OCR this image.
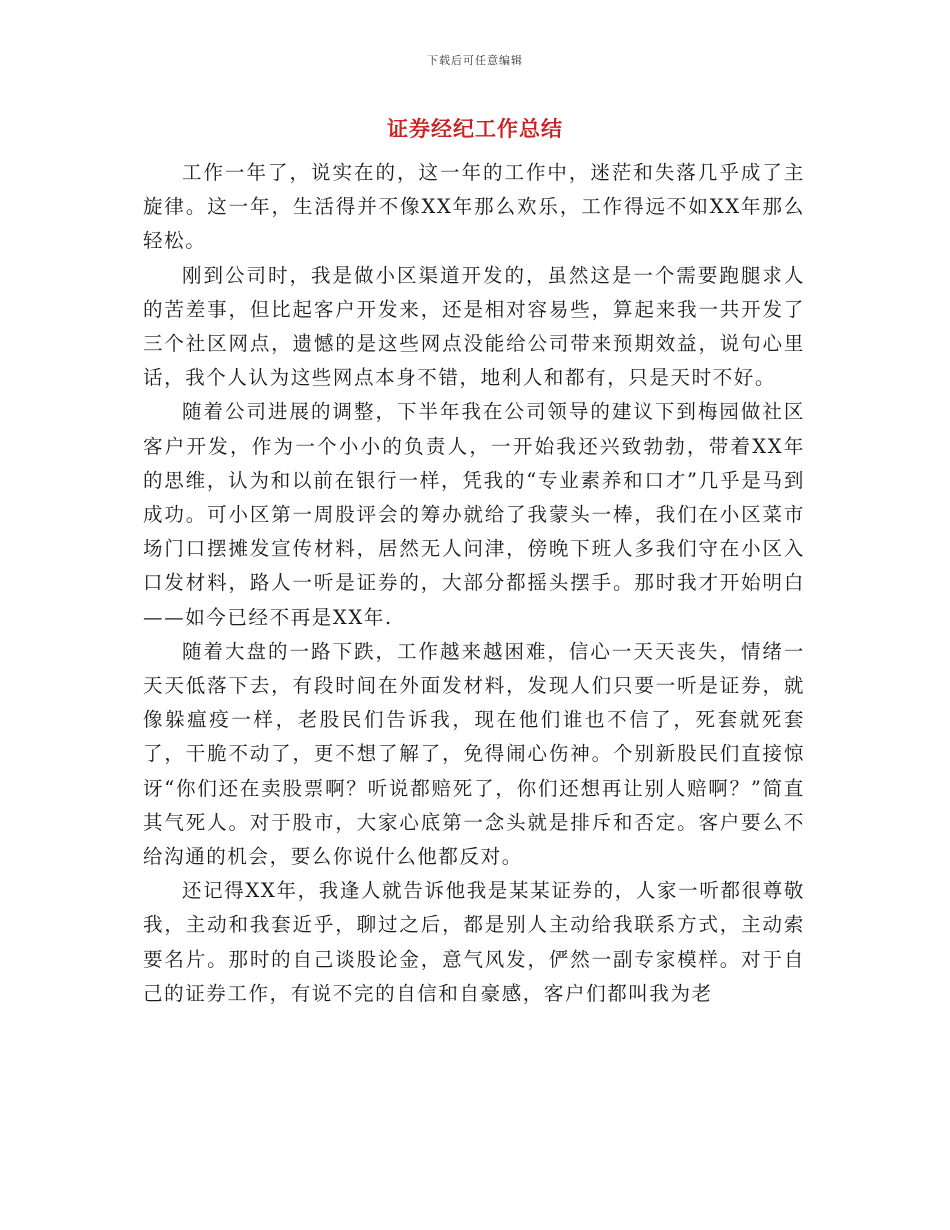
下载后可任意编辑
证券经纪工作总结

工作一年了，说实在的，这一年的工作中，迷茫和失落几乎成了主旋律。这一年，生活得并不像XX年那么欢乐，工作得远不如XX年那么轻松。

刚到公司时，我是做小区渠道开发的，虽然这是一个需要跑腿求人的苦差事，但比起客户开发来，还是相对容易些，算起来我一共开发了三个社区网点，遗憾的是这些网点没能给公司带来预期效益，说句心里话，我个人认为这些网点本身不错，地利人和都有，只是天时不好。

随着公司进展的调整，下半年我在公司领导的建议下到梅园做社区客户开发，作为一个小小的负责人，一开始我还兴致勃勃，带着XX年的思维，认为和以前在银行一样，凭我的“专业素养和口才”几乎是马到成功。可小区第一周股评会的筹办就给了我蒙头一棒，我们在小区菜市场门口摆摊发宣传材料，居然无人问津，傍晚下班人多我们守在小区入口发材料，路人一听是证券的，大部分都摇头摆手。那时我才开始明白——如今已经不再是XX年.

随着大盘的一路下跌，工作越来越困难，信心一天天丧失，情绪一天天低落下去，有段时间在外面发材料，发现人们只要一听是证券，就像躲瘟疫一样，老股民们告诉我，现在他们谁也不信了，死套就死套了，干脆不动了，更不想了解了，免得闹心伤神。个别新股民们直接惊讶“你们还在卖股票啊？听说都赔死了，你们还想再让别人赔啊？”简直其气死人。对于股市，大家心底第一念头就是排斥和否定。客户要么不给沟通的机会，要么你说什么他都反对。

还记得XX年，我逢人就告诉他我是某某证券的，人家一听都很尊敬我，主动和我套近乎，聊过之后，都是别人主动给我联系方式，主动索要名片。那时的自己谈股论金，意气风发，俨然一副专家模样。对于自己的证券工作，有说不完的自信和自豪感，客户们都叫我为老
